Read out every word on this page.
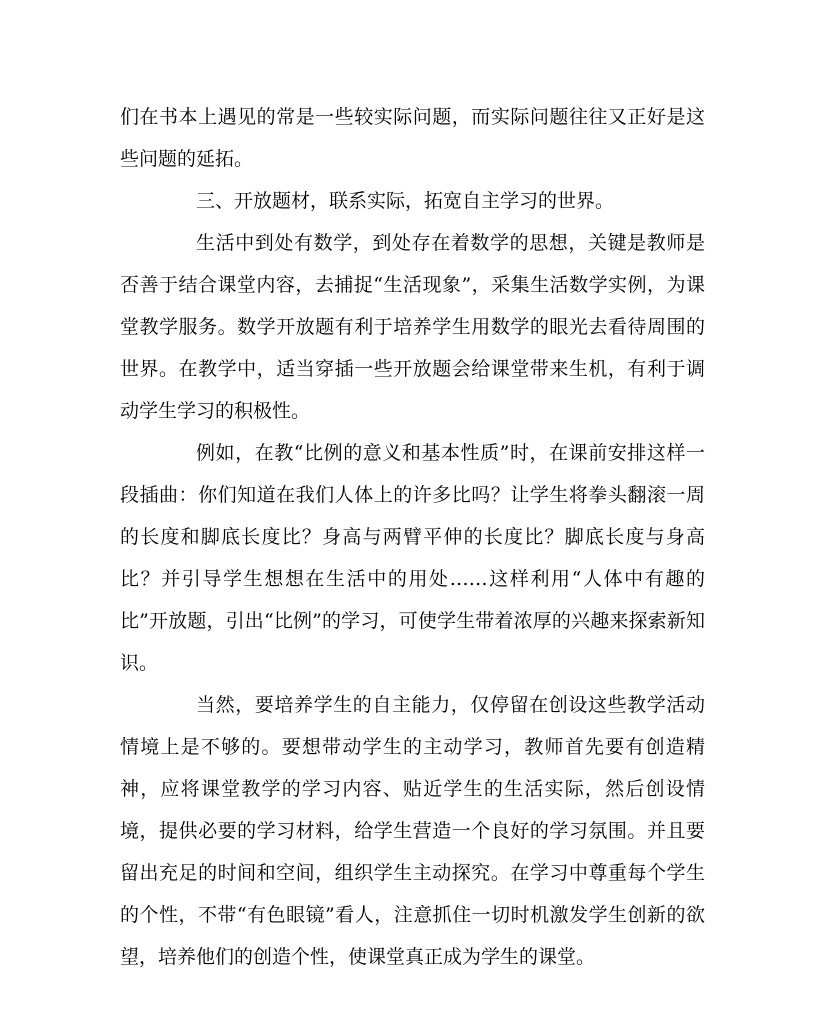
们在书本上遇见的常是一些较实际问题，而实际问题往往又正好是这些问题的延拓。

三、开放题材，联系实际，拓宽自主学习的世界。

生活中到处有数学，到处存在着数学的思想，关键是教师是否善于结合课堂内容，去捕捉“生活现象”，采集生活数学实例，为课堂教学服务。数学开放题有利于培养学生用数学的眼光去看待周围的世界。在教学中，适当穿插一些开放题会给课堂带来生机，有利于调动学生学习的积极性。

例如，在教“比例的意义和基本性质”时，在课前安排这样一段插曲：你们知道在我们人体上的许多比吗？让学生将拳头翻滚一周的长度和脚底长度比？身高与两臂平伸的长度比？脚底长度与身高比？并引导学生想想在生活中的用处……这样利用“人体中有趣的比”开放题，引出“比例”的学习，可使学生带着浓厚的兴趣来探索新知识。

当然，要培养学生的自主能力，仅停留在创设这些教学活动情境上是不够的。要想带动学生的主动学习，教师首先要有创造精神，应将课堂教学的学习内容、贴近学生的生活实际，然后创设情境，提供必要的学习材料，给学生营造一个良好的学习氛围。并且要留出充足的时间和空间，组织学生主动探究。在学习中尊重每个学生的个性，不带“有色眼镜”看人，注意抓住一切时机激发学生创新的欲望，培养他们的创造个性，使课堂真正成为学生的课堂。
